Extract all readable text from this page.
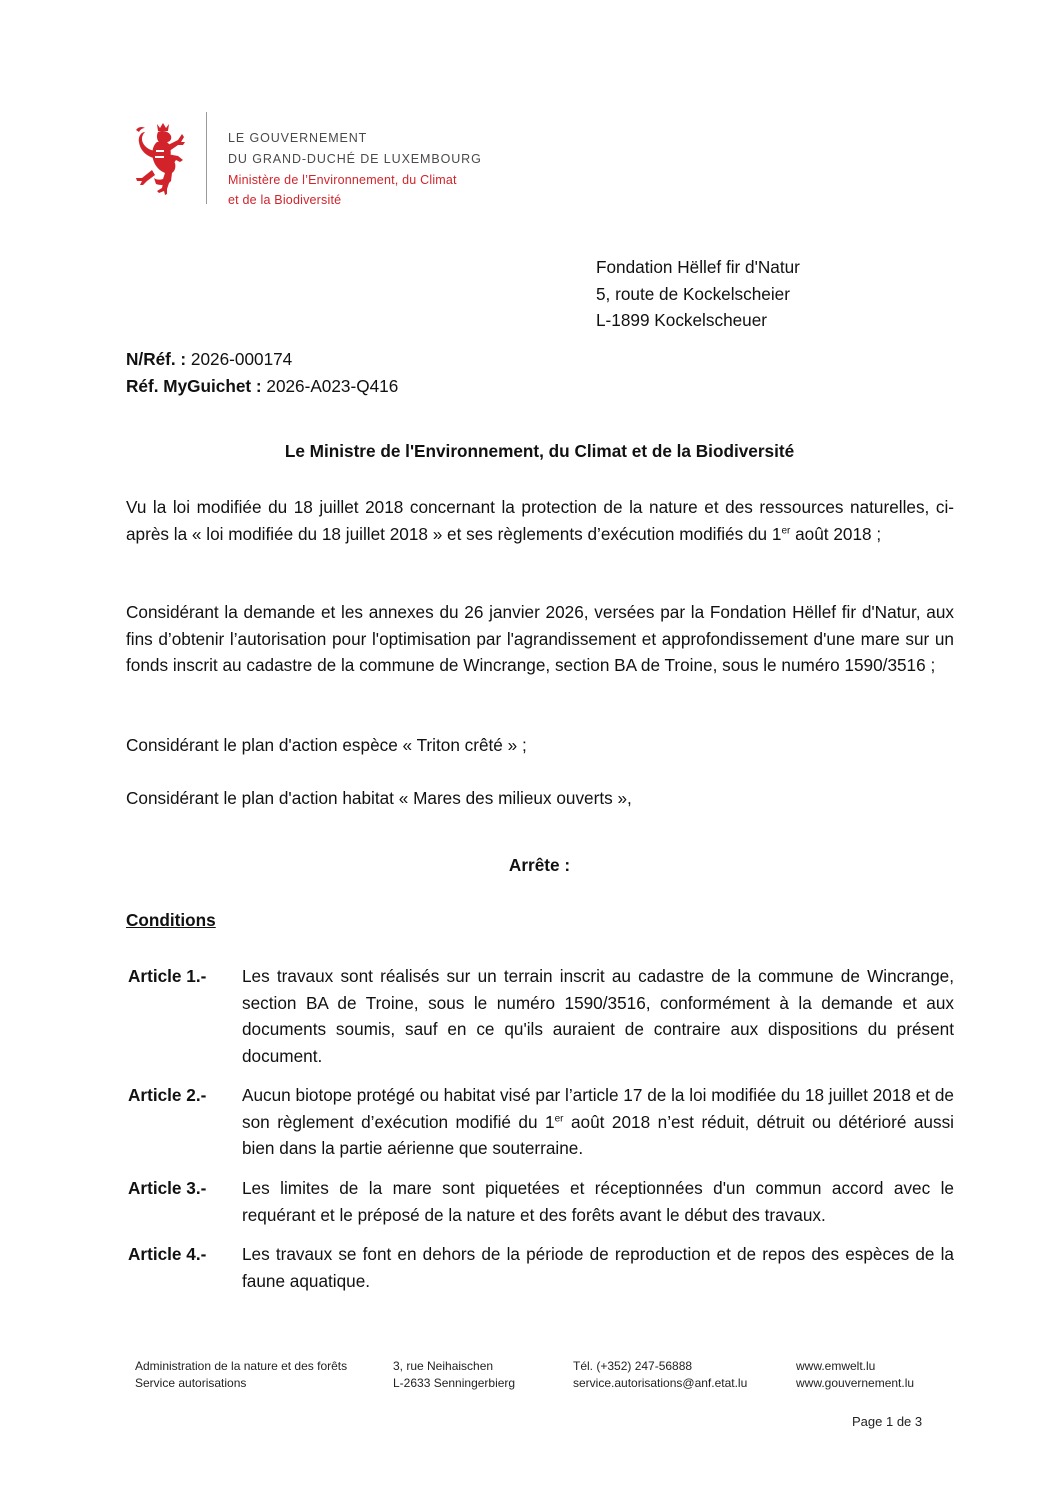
LE GOUVERNEMENT
DU GRAND-DUCHÉ DE LUXEMBOURG
Ministère de l’Environnement, du Climat
et de la Biodiversité
Fondation Hëllef fir d'Natur
5, route de Kockelscheier
L-1899 Kockelscheuer
N/Réf. : 2026-000174
Réf. MyGuichet : 2026-A023-Q416
Le Ministre de l'Environnement, du Climat et de la Biodiversité
Vu la loi modifiée du 18 juillet 2018 concernant la protection de la nature et des ressources naturelles, ci-après la « loi modifiée du 18 juillet 2018 » et ses règlements d’exécution modifiés du 1er août 2018 ;
Considérant la demande et les annexes du 26 janvier 2026, versées par la Fondation Hëllef fir d'Natur, aux fins d’obtenir l’autorisation pour l'optimisation par l'agrandissement et approfondissement d'une mare sur un fonds inscrit au cadastre de la commune de Wincrange, section BA de Troine, sous le numéro 1590/3516 ;
Considérant le plan d'action espèce « Triton crêté » ;
Considérant le plan d'action habitat « Mares des milieux ouverts »,
Arrête :
Conditions
Article 1.- Les travaux sont réalisés sur un terrain inscrit au cadastre de la commune de Wincrange, section BA de Troine, sous le numéro 1590/3516, conformément à la demande et aux documents soumis, sauf en ce qu'ils auraient de contraire aux dispositions du présent document.
Article 2.- Aucun biotope protégé ou habitat visé par l’article 17 de la loi modifiée du 18 juillet 2018 et de son règlement d’exécution modifié du 1er août 2018 n’est réduit, détruit ou détérioré aussi bien dans la partie aérienne que souterraine.
Article 3.- Les limites de la mare sont piquetées et réceptionnées d'un commun accord avec le requérant et le préposé de la nature et des forêts avant le début des travaux.
Article 4.- Les travaux se font en dehors de la période de reproduction et de repos des espèces de la faune aquatique.
Administration de la nature et des forêts
Service autorisations
3, rue Neihaischen
L-2633 Senningerbierg
Tél. (+352) 247-56888
service.autorisations@anf.etat.lu
www.emwelt.lu
www.gouvernement.lu
Page 1 de 3
